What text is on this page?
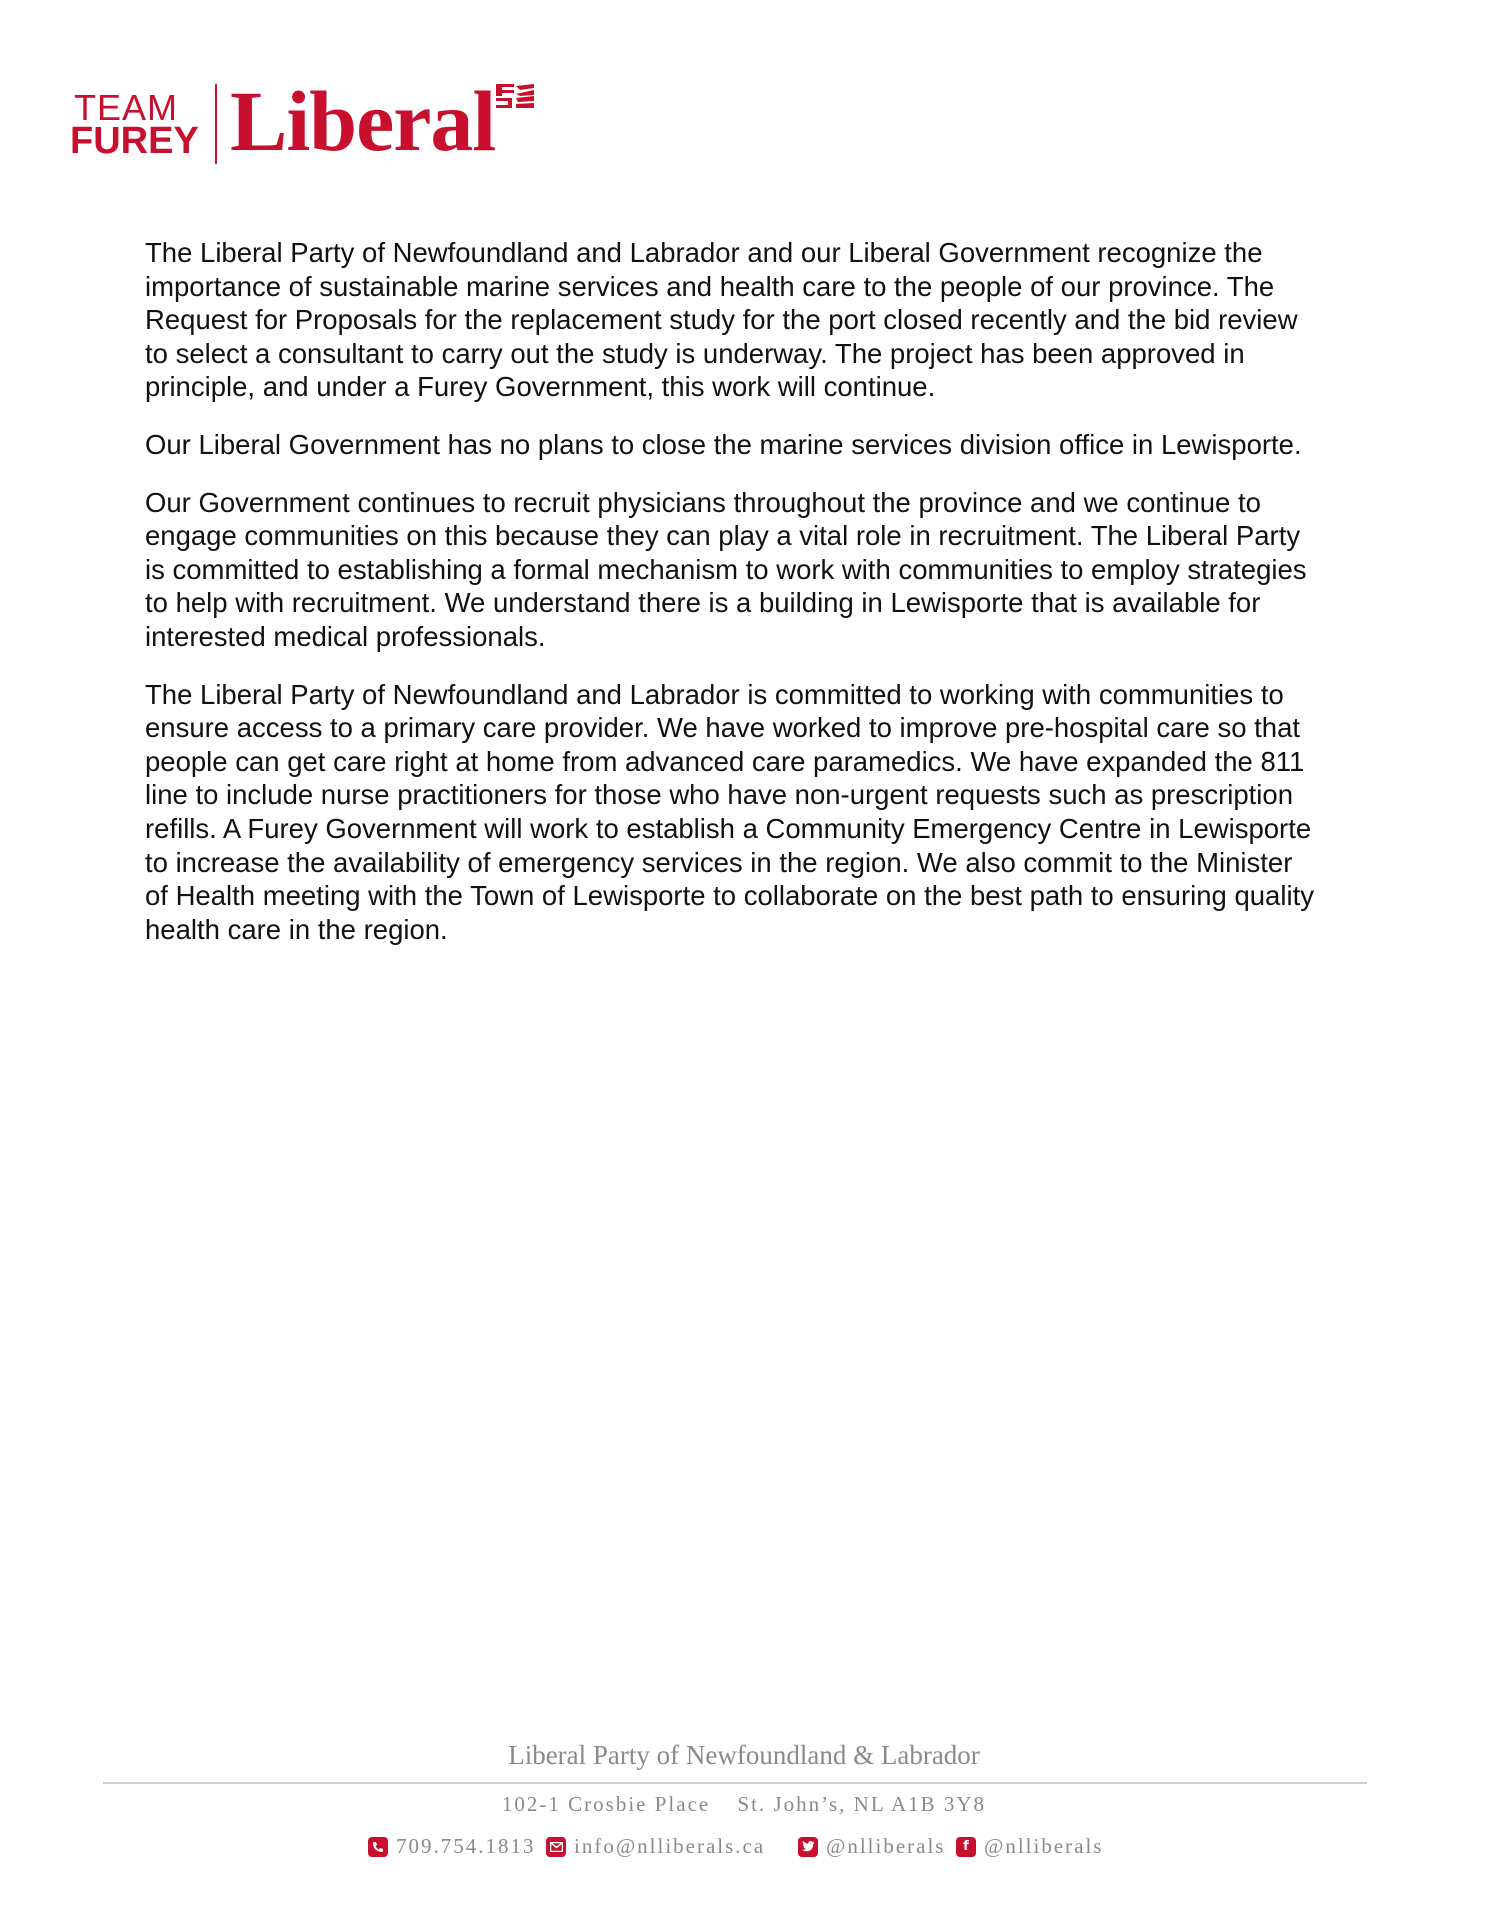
TEAM
FUREY Liberal

The Liberal Party of Newfoundland and Labrador and our Liberal Government recognize the importance of sustainable marine services and health care to the people of our province. The Request for Proposals for the replacement study for the port closed recently and the bid review to select a consultant to carry out the study is underway. The project has been approved in principle, and under a Furey Government, this work will continue.

Our Liberal Government has no plans to close the marine services division office in Lewisporte.

Our Government continues to recruit physicians throughout the province and we continue to engage communities on this because they can play a vital role in recruitment. The Liberal Party is committed to establishing a formal mechanism to work with communities to employ strategies to help with recruitment. We understand there is a building in Lewisporte that is available for interested medical professionals.

The Liberal Party of Newfoundland and Labrador is committed to working with communities to ensure access to a primary care provider. We have worked to improve pre-hospital care so that people can get care right at home from advanced care paramedics. We have expanded the 811 line to include nurse practitioners for those who have non-urgent requests such as prescription refills. A Furey Government will work to establish a Community Emergency Centre in Lewisporte to increase the availability of emergency services in the region. We also commit to the Minister of Health meeting with the Town of Lewisporte to collaborate on the best path to ensuring quality health care in the region.

Liberal Party of Newfoundland & Labrador
102-1 Crosbie Place St. John’s, NL A1B 3Y8
709.754.1813 info@nlliberals.ca	@nlliberals	f @nlliberals
